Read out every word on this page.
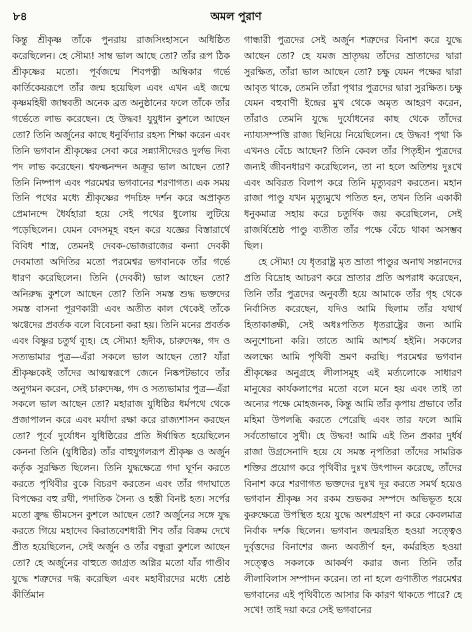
৮৪	অমল পুরাণ

কিন্তু শ্রীকৃষ্ণ তাঁকে পুনরায় রাজসিংহাসনে অধিষ্ঠিত করেছিলেন। হে সৌম্য! সাম্ব ভাল আছে তো? তাঁর রূপ ঠিক শ্রীকৃষ্ণের মতো। পূর্বজন্মে শিবপত্নী অম্বিকার গর্ভে কার্তিকেয়রূপে তাঁর জন্ম হয়েছিল এবং এখন এই জন্মে কৃষ্ণমহিষী জাম্ববতী অনেক ব্রত অনুষ্ঠানের ফলে তাঁকে তাঁর গর্ভেতে লাভ করেছেন। হে উদ্ধব! যুযুধান কুশলে আছেন তো? তিনি অর্জুনের কাছে ধনুর্বিদ্যার রহস্য শিক্ষা করেন এবং তিনি ভগবান শ্রীকৃষ্ণের সেবা করে সন্ন্যাসীদেরও দুর্লভ দিব্য পদ লাভ করেছেন। শ্বফল্কনন্দন অক্রূর ভাল আছেন তো? তিনি নিষ্পাপ এবং পরমেশ্বর ভগবানের শরণাগত। এক সময় তিনি পথের মধ্যে শ্রীকৃষ্ণের পদচিহ্ন দর্শন করে অপ্রাকৃত প্রেমানন্দে ধৈর্যহারা হয়ে সেই পথের ধুলোয় লুটিয়ে পড়েছিলেন। যেমন বেদসমূহ বহন করে যজ্ঞের বিস্তারার্থে বিবিধ শাস্ত্র, তেমনই দেবক-ভোজরাজের কন্যা দেবকী দেবমাতা অদিতির মতো পরমেশ্বর ভগবানকে তাঁর গর্ভে ধারণ করেছিলেন। তিনি (দেবকী) ভাল আছেন তো? অনিরুদ্ধ কুশলে আছেন তো? তিনি সমস্ত শুদ্ধ ভক্তদের সমস্ত বাসনা পূরণকারী এবং অতীত কাল থেকেই তাঁকে ঋগ্বেদের প্রবর্তক বলে বিবেচনা করা হয়। তিনি মনের প্রবর্তক এবং বিষ্ণুর চতুর্থ ব্যূহ। হে সৌম্য! হৃদীক, চারুদেষ্ণ, গদ ও সত্যভামার পুত্র—এঁরা সকলে ভাল আছেন তো? যাঁরা শ্রীকৃষ্ণকেই তাঁদের আত্মস্বরূপে জেনে নিষ্কপটভাবে তাঁর অনুগমন করেন, সেই চারুদেষ্ণ, গদ ও সত্যভামার পুত্র—এঁরা সকলে ভাল আছেন তো? মহারাজ যুধিষ্ঠির ধর্মপথে থেকে প্রজাপালন করে এবং মর্যাদা রক্ষা করে রাজ্যশাসন করছেন তো? পূর্বে দুর্যোধন যুধিষ্ঠিরের প্রতি ঈর্ষান্বিত হয়েছিলেন কেননা তিনি (যুধিষ্ঠির) তাঁর বাহুযুগলরূপ শ্রীকৃষ্ণ ও অর্জুন কর্তৃক সুরক্ষিত ছিলেন। তিনি যুদ্ধক্ষেত্রে গদা ঘূর্ণন করতে করতে পৃথিবীর বুকে বিচরণ করতেন এবং তাঁর গদাঘাতে বিপক্ষের বহু রথী, পদাতিক সৈন্য ও হস্তী বিনষ্ট হত। সর্পের মতো ক্রুদ্ধ ভীমসেন কুশলে আছেন তো? অর্জুনের সঙ্গে যুদ্ধ করতে গিয়ে মহাদেব কিরাতবেশধারী শিব তাঁর বিক্রম দেখে প্রীত হয়েছিলেন, সেই অর্জুন ও তাঁর বন্ধুরা কুশলে আছেন তো? হে অর্জুনের বাহুতে জাগ্রত অগ্নির মতো যাঁর গাণ্ডীব যুদ্ধে শত্রুদের দগ্ধ করেছিল এবং মহাবীরদের মধ্যে শ্রেষ্ঠ কীর্তিমান

গান্ধারী পুত্রদের সেই অর্জুন শত্রুদের বিনাশ করে যুদ্ধে আছেন তো? হে যমজ ভ্রাতৃদ্বয় তাঁদের ভ্রাতাদের দ্বারা সুরক্ষিত, তাঁরা ভাল আছেন তো? চক্ষু যেমন পক্ষের দ্বারা আবৃত থাকে, তেমনি তাঁরা পৃথার পুত্রদের দ্বারা সুরক্ষিত। চক্ষু যেমন বহুবাণী ইন্দ্রের মুখ থেকে অমৃত আহরণ করেন, তাঁরাও তেমনি যুদ্ধে দুর্যোধনের কাছ থেকে তাঁদের ন্যায্যসম্পত্তি রাজ্য ছিনিয়ে নিয়েছিলেন। হে উদ্ধব! পৃথা কি এখনও বেঁচে আছেন? তিনি কেবল তাঁর পিতৃহীন পুত্রদের জন্যই জীবনধারণ করেছিলেন, তা না হলে অতিশয় দুঃখে এবং অবিরত বিলাপ করে তিনি মৃত্যুবরণ করতেন। মহান রাজা পাণ্ডু যখন মৃত্যুমুখে পতিত হন, তখন তিনি একাকী ধনুকমাত্র সহায় করে চতুর্দিক জয় করেছিলেন, সেই রাজর্ষিশ্রেষ্ঠ পাণ্ডু ব্যতীত তাঁর পক্ষে বেঁচে থাকা অসম্ভব ছিল।

হে সৌম্য! যে ধৃতরাষ্ট্র মৃত ভ্রাতা পাণ্ডুর অনাথ সন্তানদের প্রতি বিদ্রোহ আচরণ করে ভ্রাতার প্রতি অপরাধ করেছেন, তিনি তাঁর পুত্রদের অনুবর্তী হয়ে আমাকে তাঁর গৃহ থেকে নির্বাসিত করেছেন, যদিও আমি ছিলাম তাঁর যথার্থ হিতাকাঙ্ক্ষী, সেই অধঃপতিত ধৃতরাষ্ট্রের জন্য আমি অনুশোচনা করি। তাতে আমি আশ্চর্য হইনি। সকলের অলক্ষ্যে আমি পৃথিবী ভ্রমণ করছি। পরমেশ্বর ভগবান শ্রীকৃষ্ণের অনুগ্রহে লীলাসমূহ এই মর্ত্যলোকে সাধারণ মানুষের কার্যকলাপের মতো বলে মনে হয় এবং তাই তা অন্যের পক্ষে মোহজনক, কিন্তু আমি তাঁর কৃপায় প্রভাবে তাঁর মহিমা উপলব্ধি করতে পেরেছি এবং তার ফলে আমি সর্বতোভাবে সুখী। হে উদ্ধব! আমি এই তিন প্রকার দুর্ধর্ষ রাজা উগ্রসেনাদি হয়ে যে সমস্ত নৃপতিরা তাঁদের সামরিক শক্তির প্রয়োগ করে পৃথিবীর দুঃখ উৎপাদন করেছে, তাঁদের বিনাশ করে শরণাগত ভক্তদের দুঃখ দূর করতে সমর্থ হয়েও ভগবান শ্রীকৃষ্ণ সব রকম শুভকর সম্পদে অভিভূত হয়ে কুরুক্ষেত্রে উপস্থিত হয়ে যুদ্ধে অংশগ্রহণ না করে কেবলমাত্র নির্বাক দর্শক ছিলেন। ভগবান জন্মরহিত হওয়া সত্ত্বেও দুর্বৃত্তদের বিনাশের জন্য অবতীর্ণ হন, কর্মরহিত হওয়া সত্ত্বেও সকলকে আকর্ষণ করার জন্য তিনি তাঁর লীলাবিলাস সম্পাদন করেন। তা না হলে গুণাতীত পরমেশ্বর ভগবানের এই পৃথিবীতে আসার কি কারণ থাকতে পারে? হে সখে! তাই দয়া করে সেই ভগবানের
